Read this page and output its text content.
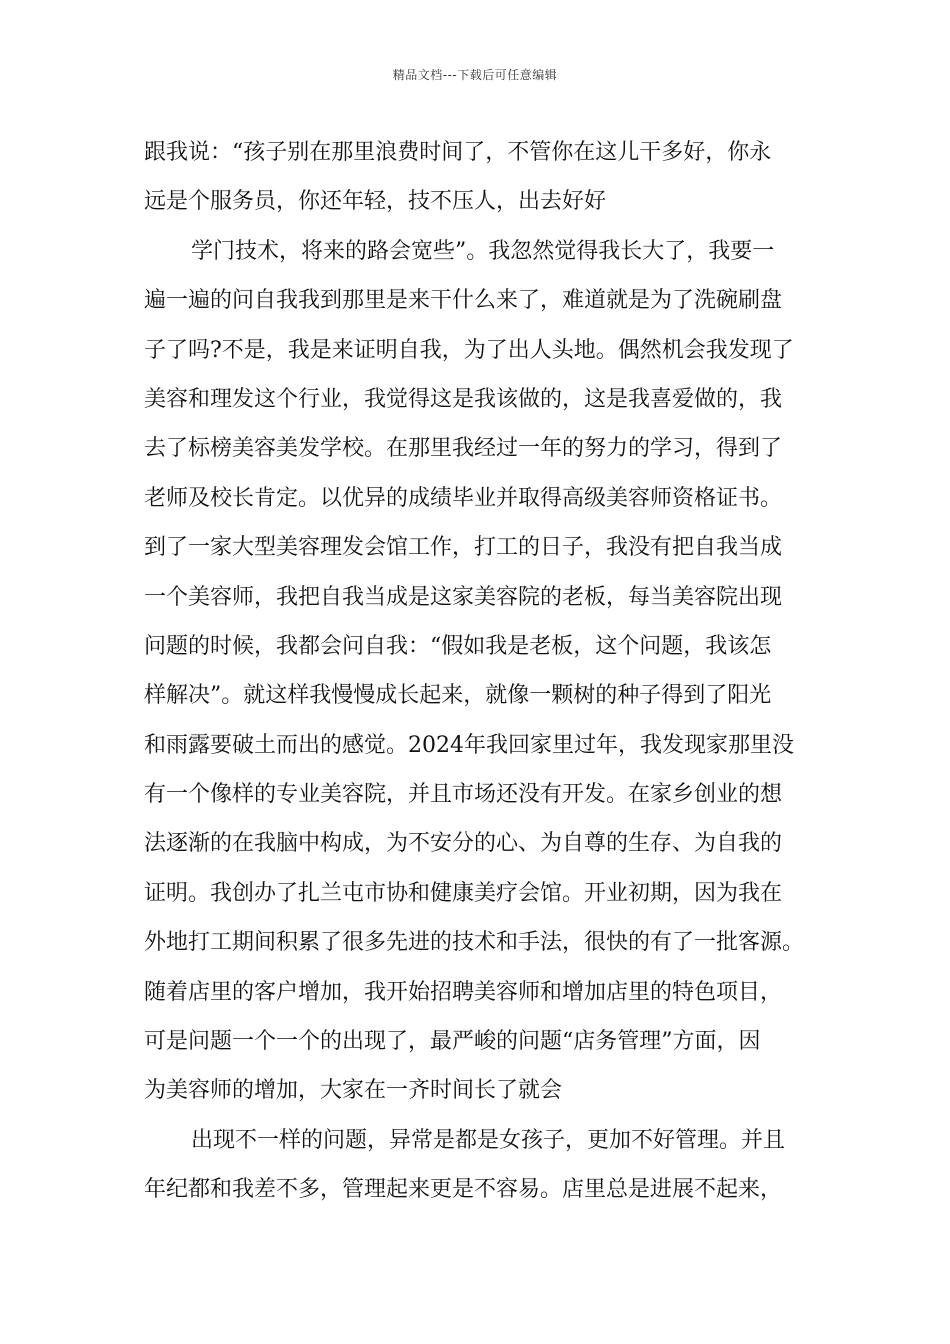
精品文档---下载后可任意编辑

跟我说：“孩子别在那里浪费时间了，不管你在这儿干多好，你永
远是个服务员，你还年轻，技不压人，出去好好

学门技术，将来的路会宽些”。我忽然觉得我长大了，我要一
遍一遍的问自我我到那里是来干什么来了，难道就是为了洗碗刷盘
子了吗?不是，我是来证明自我，为了出人头地。偶然机会我发现了
美容和理发这个行业，我觉得这是我该做的，这是我喜爱做的，我
去了标榜美容美发学校。在那里我经过一年的努力的学习，得到了
老师及校长肯定。以优异的成绩毕业并取得高级美容师资格证书。
到了一家大型美容理发会馆工作，打工的日子，我没有把自我当成
一个美容师，我把自我当成是这家美容院的老板，每当美容院出现
问题的时候，我都会问自我：“假如我是老板，这个问题，我该怎
样解决”。就这样我慢慢成长起来，就像一颗树的种子得到了阳光
和雨露要破土而出的感觉。2024年我回家里过年，我发现家那里没
有一个像样的专业美容院，并且市场还没有开发。在家乡创业的想
法逐渐的在我脑中构成，为不安分的心、为自尊的生存、为自我的
证明。我创办了扎兰屯市协和健康美疗会馆。开业初期，因为我在
外地打工期间积累了很多先进的技术和手法，很快的有了一批客源。
随着店里的客户增加，我开始招聘美容师和增加店里的特色项目，
可是问题一个一个的出现了，最严峻的问题“店务管理”方面，因
为美容师的增加，大家在一齐时间长了就会

出现不一样的问题，异常是都是女孩子，更加不好管理。并且
年纪都和我差不多，管理起来更是不容易。店里总是进展不起来，
